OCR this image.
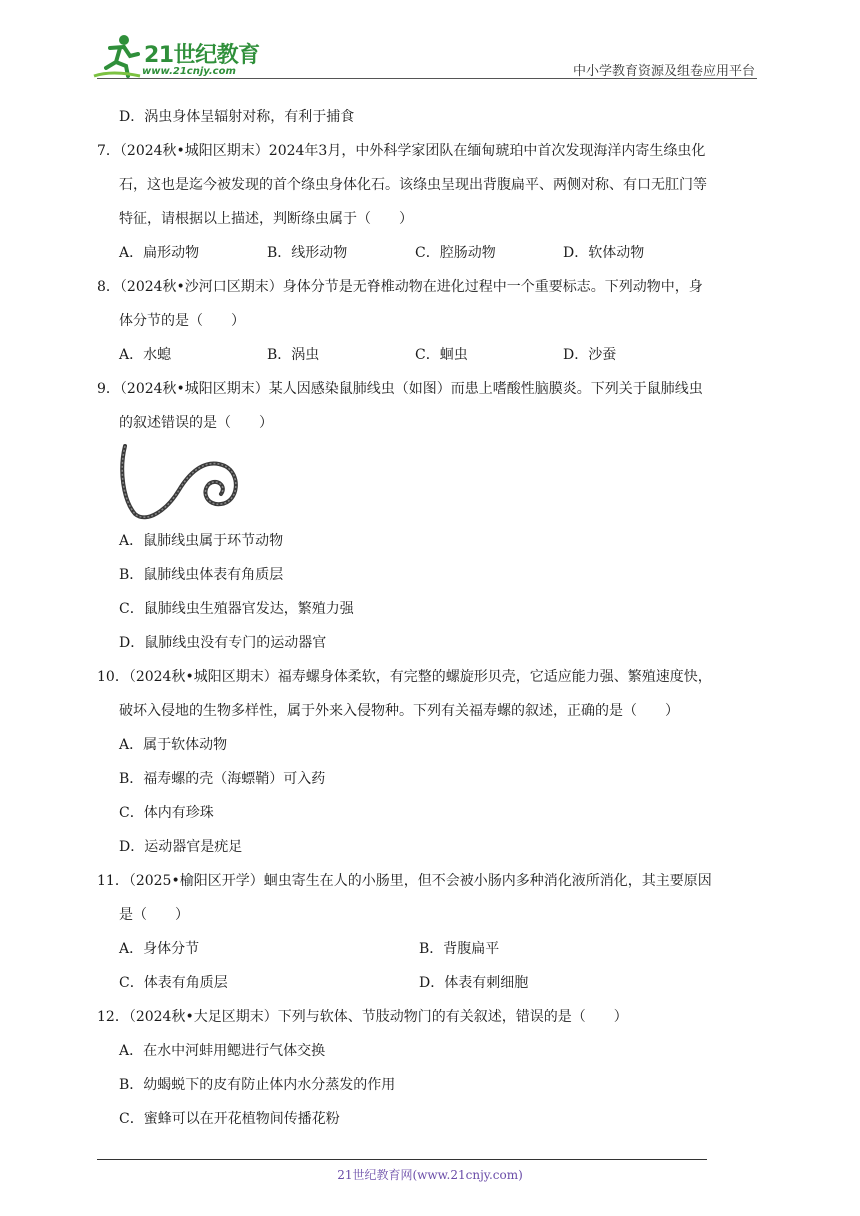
21世纪教育
www.21cnjy.com	中小学教育资源及组卷应用平台
D．涡虫身体呈辐射对称，有利于捕食
7．（2024秋•城阳区期末）2024年3月，中外科学家团队在缅甸琥珀中首次发现海洋内寄生绦虫化
石，这也是迄今被发现的首个绦虫身体化石。该绦虫呈现出背腹扁平、两侧对称、有口无肛门等
特征，请根据以上描述，判断绦虫属于（　　）
A．扁形动物	B．线形动物	C．腔肠动物	D．软体动物
8．（2024秋•沙河口区期末）身体分节是无脊椎动物在进化过程中一个重要标志。下列动物中，身
体分节的是（　　）
A．水螅	B．涡虫	C．蛔虫	D．沙蚕
9．（2024秋•城阳区期末）某人因感染鼠肺线虫（如图）而患上嗜酸性脑膜炎。下列关于鼠肺线虫
的叙述错误的是（　　）
A．鼠肺线虫属于环节动物
B．鼠肺线虫体表有角质层
C．鼠肺线虫生殖器官发达，繁殖力强
D．鼠肺线虫没有专门的运动器官
10．（2024秋•城阳区期末）福寿螺身体柔软，有完整的螺旋形贝壳，它适应能力强、繁殖速度快，
破坏入侵地的生物多样性，属于外来入侵物种。下列有关福寿螺的叙述，正确的是（　　）
A．属于软体动物
B．福寿螺的壳（海螵鞘）可入药
C．体内有珍珠
D．运动器官是疣足
11．（2025•榆阳区开学）蛔虫寄生在人的小肠里，但不会被小肠内多种消化液所消化，其主要原因
是（　　）
A．身体分节	B．背腹扁平
C．体表有角质层	D．体表有刺细胞
12．（2024秋•大足区期末）下列与软体、节肢动物门的有关叙述，错误的是（　　）
A．在水中河蚌用鳃进行气体交换
B．幼蝎蜕下的皮有防止体内水分蒸发的作用
C．蜜蜂可以在开花植物间传播花粉
21世纪教育网(www.21cnjy.com)
